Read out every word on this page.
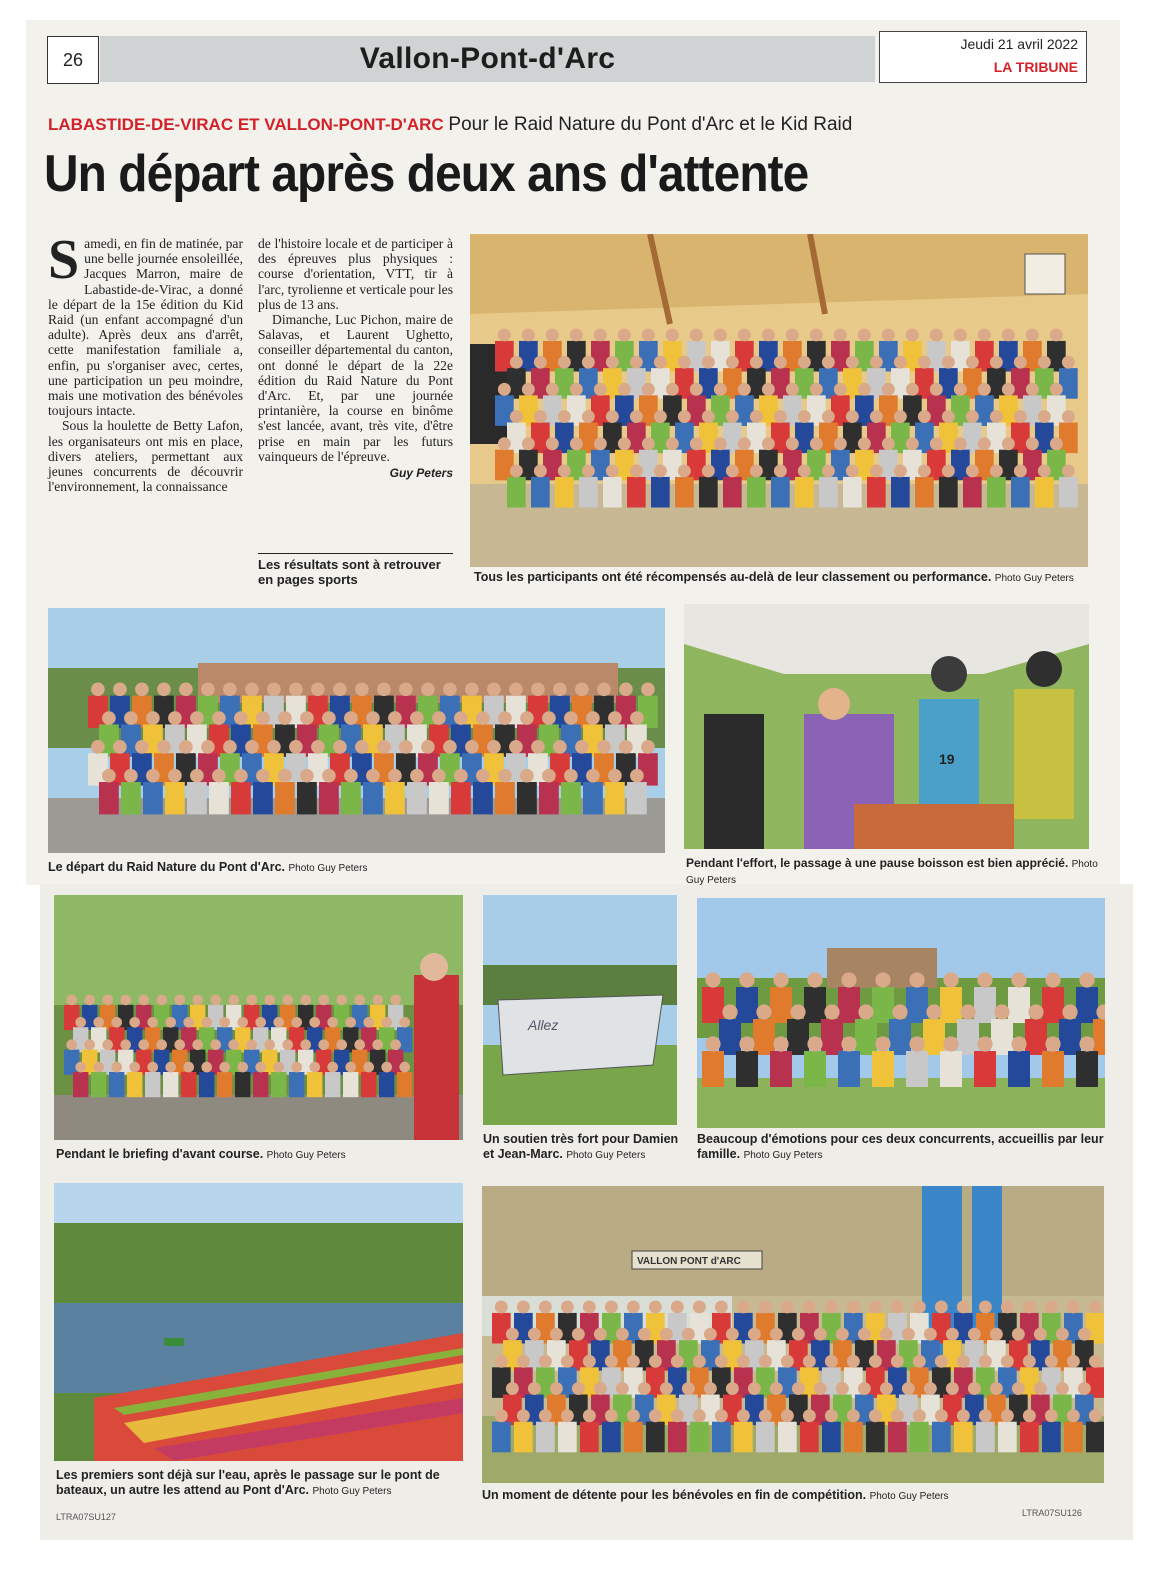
26	Vallon-Pont-d'Arc	Jeudi 21 avril 2022
LA TRIBUNE
LABASTIDE-DE-VIRAC ET VALLON-PONT-D'ARC Pour le Raid Nature du Pont d'Arc et le Kid Raid
Un départ après deux ans d'attente

Samedi, en fin de matinée, par une belle journée ensoleillée, Jacques Marron, maire de Labastide-de-Virac, a donné le départ de la 15e édition du Kid Raid (un enfant accompagné d'un adulte). Après deux ans d'arrêt, cette manifestation familiale a, enfin, pu s'organiser avec, certes, une participation un peu moindre, mais une motivation des bénévoles toujours intacte.

Sous la houlette de Betty Lafon, les organisateurs ont mis en place, divers ateliers, permettant aux jeunes concurrents de découvrir l'environnement, la connaissance

de l'histoire locale et de participer à des épreuves plus physiques : course d'orientation, VTT, tir à l'arc, tyrolienne et verticale pour les plus de 13 ans.

Dimanche, Luc Pichon, maire de Salavas, et Laurent Ughetto, conseiller départemental du canton, ont donné le départ de la 22e édition du Raid Nature du Pont d'Arc. Et, par une journée printanière, la course en binôme s'est lancée, avant, très vite, d'être prise en main par les futurs vainqueurs de l'épreuve.

Guy Peters
Les résultats sont à retrouver en pages sports	Tous les participants ont été récompensés au-delà de leur classement ou performance. Photo Guy Peters
Le départ du Raid Nature du Pont d'Arc. Photo Guy Peters
19
Pendant l'effort, le passage à une pause boisson est bien apprécié. Photo Guy Peters
Pendant le briefing d'avant course. Photo Guy Peters
Allez
Un soutien très fort pour Damien et Jean-Marc. Photo Guy Peters
Beaucoup d'émotions pour ces deux concurrents, accueillis par leur famille. Photo Guy Peters
Les premiers sont déjà sur l'eau, après le passage sur le pont de bateaux, un autre les attend au Pont d'Arc. Photo Guy Peters
VALLON PONT d'ARC
Un moment de détente pour les bénévoles en fin de compétition. Photo Guy Peters
LTRA07SU127	LTRA07SU126
